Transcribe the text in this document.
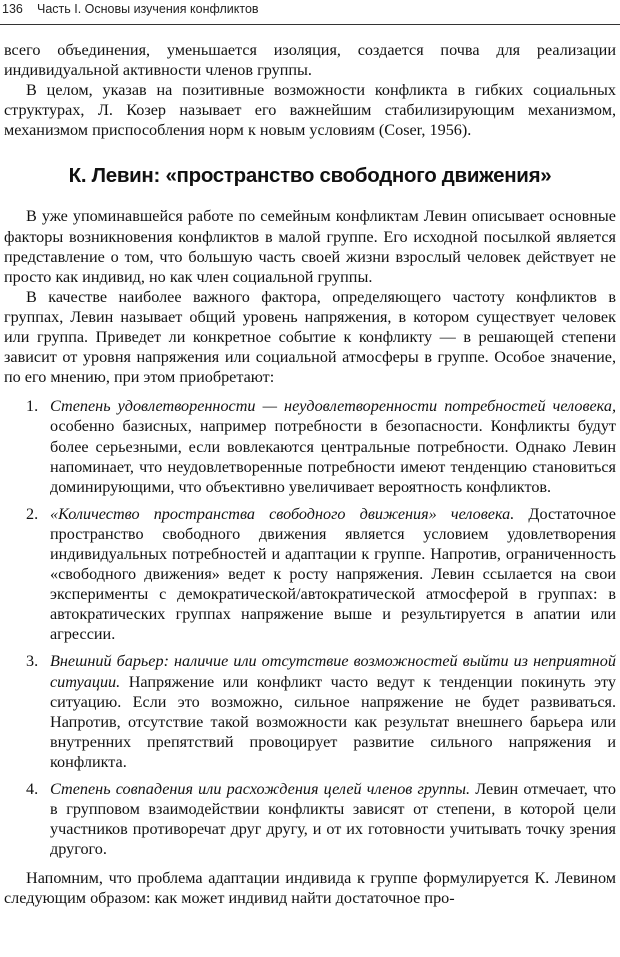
136 Часть I. Основы изучения конфликтов

всего объединения, уменьшается изоляция, создается почва для реализации индивидуальной активности членов группы.

В целом, указав на позитивные возможности конфликта в гибких социальных структурах, Л. Козер называет его важнейшим стабилизирующим механизмом, механизмом приспособления норм к новым условиям (Coser, 1956).

К. Левин: «пространство свободного движения»

В уже упоминавшейся работе по семейным конфликтам Левин описывает основные факторы возникновения конфликтов в малой группе. Его исходной посылкой является представление о том, что большую часть своей жизни взрослый человек действует не просто как индивид, но как член социальной группы.

В качестве наиболее важного фактора, определяющего частоту конфликтов в группах, Левин называет общий уровень напряжения, в котором существует человек или группа. Приведет ли конкретное событие к конфликту — в решающей степени зависит от уровня напряжения или социальной атмосферы в группе. Особое значение, по его мнению, при этом приобретают:

1. Степень удовлетворенности — неудовлетворенности потребностей человека, особенно базисных, например потребности в безопасности. Конфликты будут более серьезными, если вовлекаются центральные потребности. Однако Левин напоминает, что неудовлетворенные потребности имеют тенденцию становиться доминирующими, что объективно увеличивает вероятность конфликтов.
2. «Количество пространства свободного движения» человека. Достаточное пространство свободного движения является условием удовлетворения индивидуальных потребностей и адаптации к группе. Напротив, ограниченность «свободного движения» ведет к росту напряжения. Левин ссылается на свои эксперименты с демократической/автократической атмосферой в группах: в автократических группах напряжение выше и результируется в апатии или агрессии.
3. Внешний барьер: наличие или отсутствие возможностей выйти из неприятной ситуации. Напряжение или конфликт часто ведут к тенденции покинуть эту ситуацию. Если это возможно, сильное напряжение не будет развиваться. Напротив, отсутствие такой возможности как результат внешнего барьера или внутренних препятствий провоцирует развитие сильного напряжения и конфликта.
4. Степень совпадения или расхождения целей членов группы. Левин отмечает, что в групповом взаимодействии конфликты зависят от степени, в которой цели участников противоречат друг другу, и от их готовности учитывать точку зрения другого.

Напомним, что проблема адаптации индивида к группе формулируется К. Левином следующим образом: как может индивид найти достаточное про-
